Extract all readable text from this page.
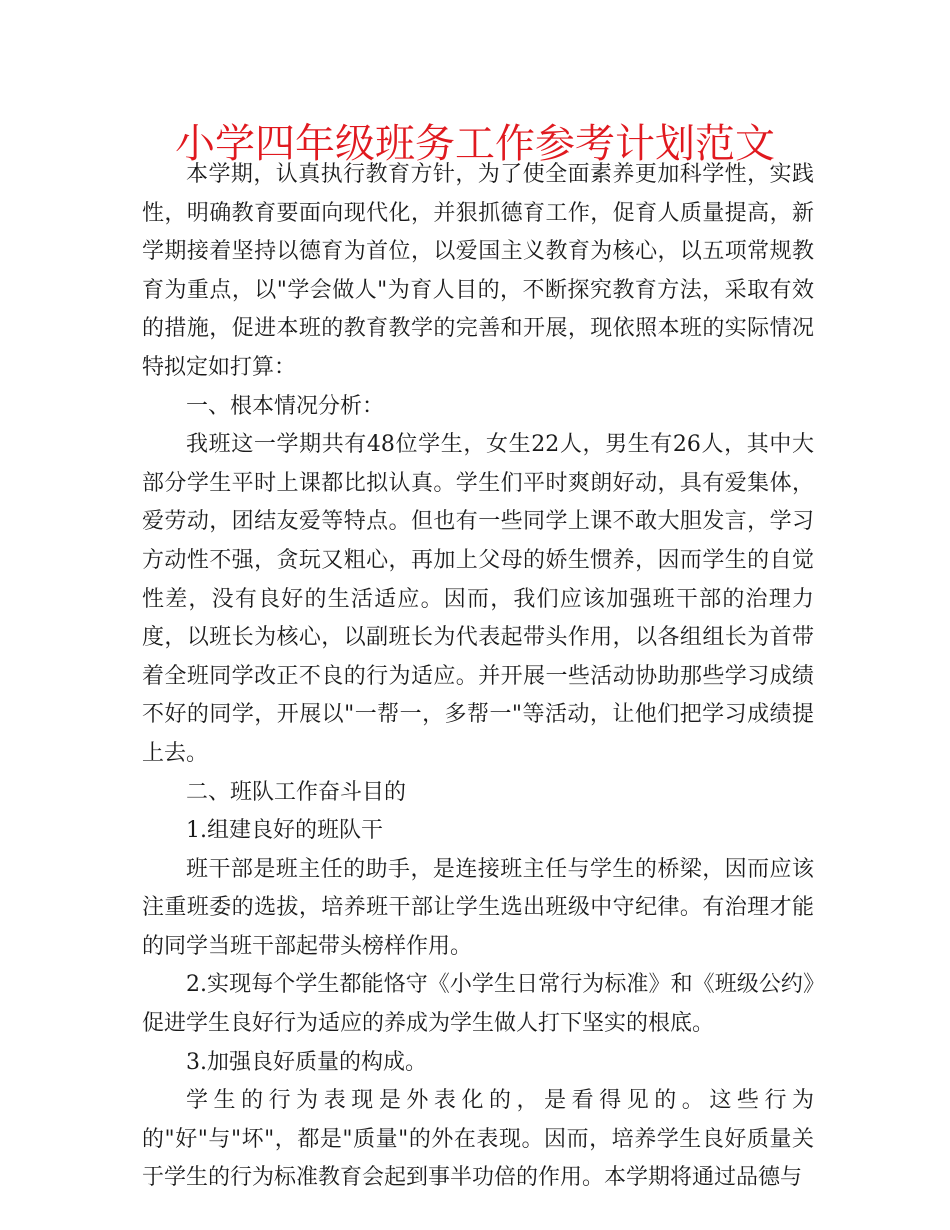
小学四年级班务工作参考计划范文

本学期，认真执行教育方针，为了使全面素养更加科学性，实践性，明确教育要面向现代化，并狠抓德育工作，促育人质量提高，新学期接着坚持以德育为首位，以爱国主义教育为核心，以五项常规教育为重点，以"学会做人"为育人目的，不断探究教育方法，采取有效的措施，促进本班的教育教学的完善和开展，现依照本班的实际情况特拟定如打算：

一、根本情况分析：

我班这一学期共有48位学生，女生22人，男生有26人，其中大部分学生平时上课都比拟认真。学生们平时爽朗好动，具有爱集体，爱劳动，团结友爱等特点。但也有一些同学上课不敢大胆发言，学习方动性不强，贪玩又粗心，再加上父母的娇生惯养，因而学生的自觉性差，没有良好的生活适应。因而，我们应该加强班干部的治理力度，以班长为核心，以副班长为代表起带头作用，以各组组长为首带着全班同学改正不良的行为适应。并开展一些活动协助那些学习成绩不好的同学，开展以"一帮一，多帮一"等活动，让他们把学习成绩提上去。

二、班队工作奋斗目的

1.组建良好的班队干

班干部是班主任的助手，是连接班主任与学生的桥梁，因而应该注重班委的选拔，培养班干部让学生选出班级中守纪律。有治理才能的同学当班干部起带头榜样作用。

2.实现每个学生都能恪守《小学生日常行为标准》和《班级公约》促进学生良好行为适应的养成为学生做人打下坚实的根底。

3.加强良好质量的构成。

学生的行为表现是外表化的，是看得见的。这些行为的"好"与"坏"，都是"质量"的外在表现。因而，培养学生良好质量关于学生的行为标准教育会起到事半功倍的作用。本学期将通过品德与
